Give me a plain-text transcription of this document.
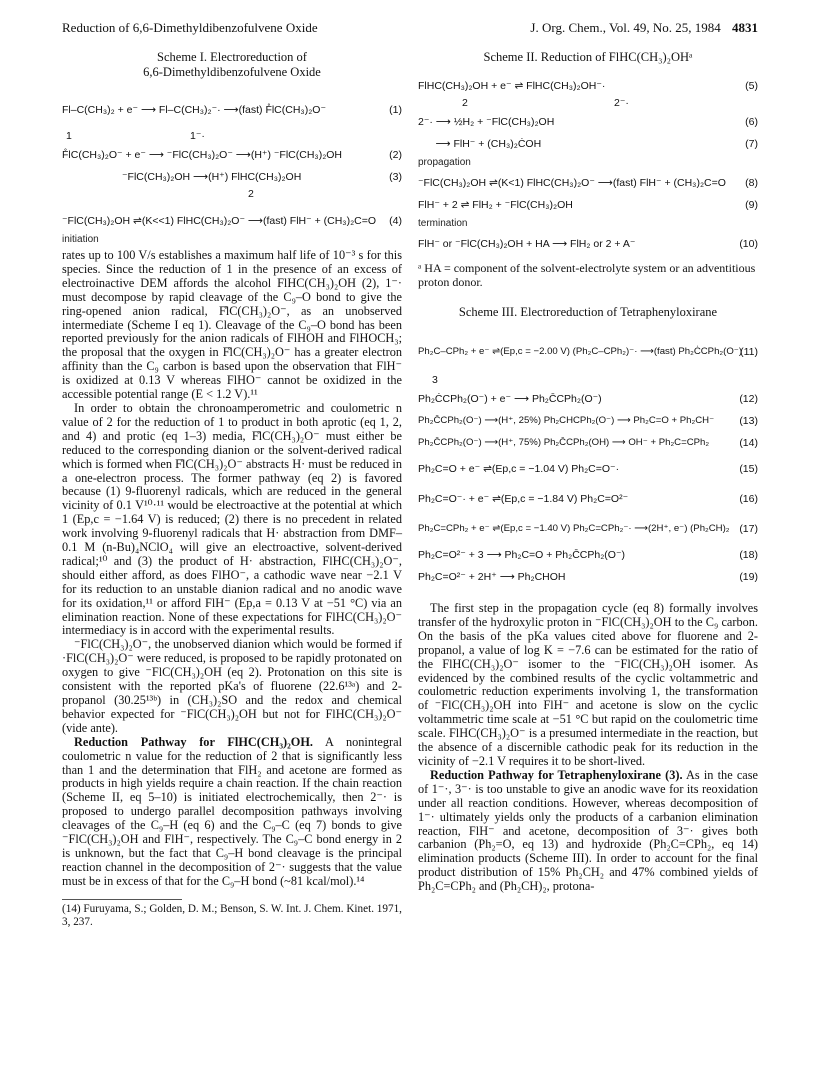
Reduction of 6,6-Dimethyldibenzofulvene Oxide	J. Org. Chem., Vol. 49, No. 25, 1984 4831
Scheme I. Electroreduction of
6,6-Dimethyldibenzofulvene Oxide
Fl–C(CH₃)₂ + e⁻ ⟶ Fl–C(CH₃)₂⁻· ⟶(fast) F̊lC(CH₃)₂O⁻	(1)
1	1⁻·
F̊lC(CH₃)₂O⁻ + e⁻ ⟶ ⁻FlC(CH₃)₂O⁻ ⟶(H⁺) ⁻FlC(CH₃)₂OH	(2)
⁻FlC(CH₃)₂OH ⟶(H⁺) FlHC(CH₃)₂OH	(3)
2
⁻FlC(CH₃)₂OH ⇌(K<<1) FlHC(CH₃)₂O⁻ ⟶(fast) FlH⁻ + (CH₃)₂C=O (4)
initiation

rates up to 100 V/s establishes a maximum half life of 10⁻³ s for this species. Since the reduction of 1 in the presence of an excess of electroinactive DEM affords the alcohol FlHC(CH₃)₂OH (2), 1⁻· must decompose by rapid cleavage of the C₉–O bond to give the ring-opened anion radical, F̊lC(CH₃)₂O⁻, as an unobserved intermediate (Scheme I eq 1). Cleavage of the C₉–O bond has been reported previously for the anion radicals of FlHOH and FlHOCH₃; the proposal that the oxygen in F̊lC(CH₃)₂O⁻ has a greater electron affinity than the C₉ carbon is based upon the observation that FlH⁻ is oxidized at 0.13 V whereas FlHO⁻ cannot be oxidized in the accessible potential range (E < 1.2 V).¹¹

In order to obtain the chronoamperometric and coulometric n value of 2 for the reduction of 1 to product in both aprotic (eq 1, 2, and 4) and protic (eq 1–3) media, F̊lC(CH₃)₂O⁻ must either be reduced to the corresponding dianion or the solvent-derived radical which is formed when F̊lC(CH₃)₂O⁻ abstracts H· must be reduced in a one-electron process. The former pathway (eq 2) is favored because (1) 9-fluorenyl radicals, which are reduced in the general vicinity of 0.1 V¹⁰·¹¹ would be electroactive at the potential at which 1 (Ep,c = −1.64 V) is reduced; (2) there is no precedent in related work involving 9-fluorenyl radicals that H· abstraction from DMF–0.1 M (n-Bu)₄NClO₄ will give an electroactive, solvent-derived radical;¹⁰ and (3) the product of H· abstraction, FlHC(CH₃)₂O⁻, should either afford, as does FlHO⁻, a cathodic wave near −2.1 V for its reduction to an unstable dianion radical and no anodic wave for its oxidation,¹¹ or afford FlH⁻ (Ep,a = 0.13 V at −51 °C) via an elimination reaction. None of these expectations for FlHC(CH₃)₂O⁻ intermediacy is in accord with the experimental results.

⁻FlC(CH₃)₂O⁻, the unobserved dianion which would be formed if ·FlC(CH₃)₂O⁻ were reduced, is proposed to be rapidly protonated on oxygen to give ⁻FlC(CH₃)₂OH (eq 2). Protonation on this site is consistent with the reported pKa's of fluorene (22.6¹³ᵃ) and 2-propanol (30.25¹³ᵇ) in (CH₃)₂SO and the redox and chemical behavior expected for ⁻FlC(CH₃)₂OH but not for FlHC(CH₃)₂O⁻ (vide ante).

Reduction Pathway for FlHC(CH₃)₂OH. A nonintegral coulometric n value for the reduction of 2 that is significantly less than 1 and the determination that FlH₂ and acetone are formed as products in high yields require a chain reaction. If the chain reaction (Scheme II, eq 5–10) is initiated electrochemically, then 2⁻· is proposed to undergo parallel decomposition pathways involving cleavages of the C₉–H (eq 6) and the C₉–C (eq 7) bonds to give ⁻FlC(CH₃)₂OH and FlH⁻, respectively. The C₉–C bond energy in 2 is unknown, but the fact that C₉–H bond cleavage is the principal reaction channel in the decomposition of 2⁻· suggests that the value must be in excess of that for the C₉–H bond (~81 kcal/mol).¹⁴

(14) Furuyama, S.; Golden, D. M.; Benson, S. W. Int. J. Chem. Kinet. 1971, 3, 237.
Scheme II. Reduction of FlHC(CH₃)₂OHᵃ
FlHC(CH₃)₂OH + e⁻ ⇌ FlHC(CH₃)₂OH⁻·	(5)
2	2⁻·
2⁻· ⟶ ½H₂ + ⁻FlC(CH₃)₂OH	(6)
⟶ FlH⁻ + (CH₃)₂ĊOH	(7)
propagation
⁻FlC(CH₃)₂OH ⇌(K<1) FlHC(CH₃)₂O⁻ ⟶(fast) FlH⁻ + (CH₃)₂C=O (8)
FlH⁻ + 2 ⇌ FlH₂ + ⁻FlC(CH₃)₂OH	(9)
termination
FlH⁻ or ⁻FlC(CH₃)₂OH + HA ⟶ FlH₂ or 2 + A⁻	(10)
ᵃ HA = component of the solvent-electrolyte system or an adventitious proton donor.
Scheme III. Electroreduction of Tetraphenyloxirane
Ph₂C–CPh₂ + e⁻ ⇌(Ep,c = −2.00 V) (Ph₂C–CPh₂)⁻· ⟶(fast) Ph₂ĊCPh₂(O⁻)
(11)
3
Ph₂ĊCPh₂(O⁻) + e⁻ ⟶ Ph₂C̄CPh₂(O⁻)	(12)
Ph₂C̄CPh₂(O⁻) ⟶(H⁺, 25%) Ph₂CHCPh₂(O⁻) ⟶ Ph₂C=O + Ph₂CH⁻ (13)
Ph₂C̄CPh₂(O⁻) ⟶(H⁺, 75%) Ph₂C̄CPh₂(OH) ⟶ OH⁻ + Ph₂C=CPh₂	(14)
Ph₂C=O + e⁻ ⇌(Ep,c = −1.04 V) Ph₂C=O⁻·	(15)
Ph₂C=O⁻· + e⁻ ⇌(Ep,c = −1.84 V) Ph₂C=O²⁻	(16)
Ph₂C=CPh₂ + e⁻ ⇌(Ep,c = −1.40 V) Ph₂C=CPh₂⁻· ⟶(2H⁺, e⁻) (Ph₂CH)₂ (17)
Ph₂C=O²⁻ + 3 ⟶ Ph₂C=O + Ph₂C̄CPh₂(O⁻)	(18)
Ph₂C=O²⁻ + 2H⁺ ⟶ Ph₂CHOH	(19)

The first step in the propagation cycle (eq 8) formally involves transfer of the hydroxylic proton in ⁻FlC(CH₃)₂OH to the C₉ carbon. On the basis of the pKa values cited above for fluorene and 2-propanol, a value of log K = −7.6 can be estimated for the ratio of the FlHC(CH₃)₂O⁻ isomer to the ⁻FlC(CH₃)₂OH isomer. As evidenced by the combined results of the cyclic voltammetric and coulometric reduction experiments involving 1, the transformation of ⁻FlC(CH₃)₂OH into FlH⁻ and acetone is slow on the cyclic voltammetric time scale at −51 °C but rapid on the coulometric time scale. FlHC(CH₃)₂O⁻ is a presumed intermediate in the reaction, but the absence of a discernible cathodic peak for its reduction in the vicinity of −2.1 V requires it to be short-lived.

Reduction Pathway for Tetraphenyloxirane (3). As in the case of 1⁻·, 3⁻· is too unstable to give an anodic wave for its reoxidation under all reaction conditions. However, whereas decomposition of 1⁻· ultimately yields only the products of a carbanion elimination reaction, FlH⁻ and acetone, decomposition of 3⁻· gives both carbanion (Ph₂=O, eq 13) and hydroxide (Ph₂C=CPh₂, eq 14) elimination products (Scheme III). In order to account for the final product distribution of 15% Ph₂CH₂ and 47% combined yields of Ph₂C=CPh₂ and (Ph₂CH)₂, protona-
